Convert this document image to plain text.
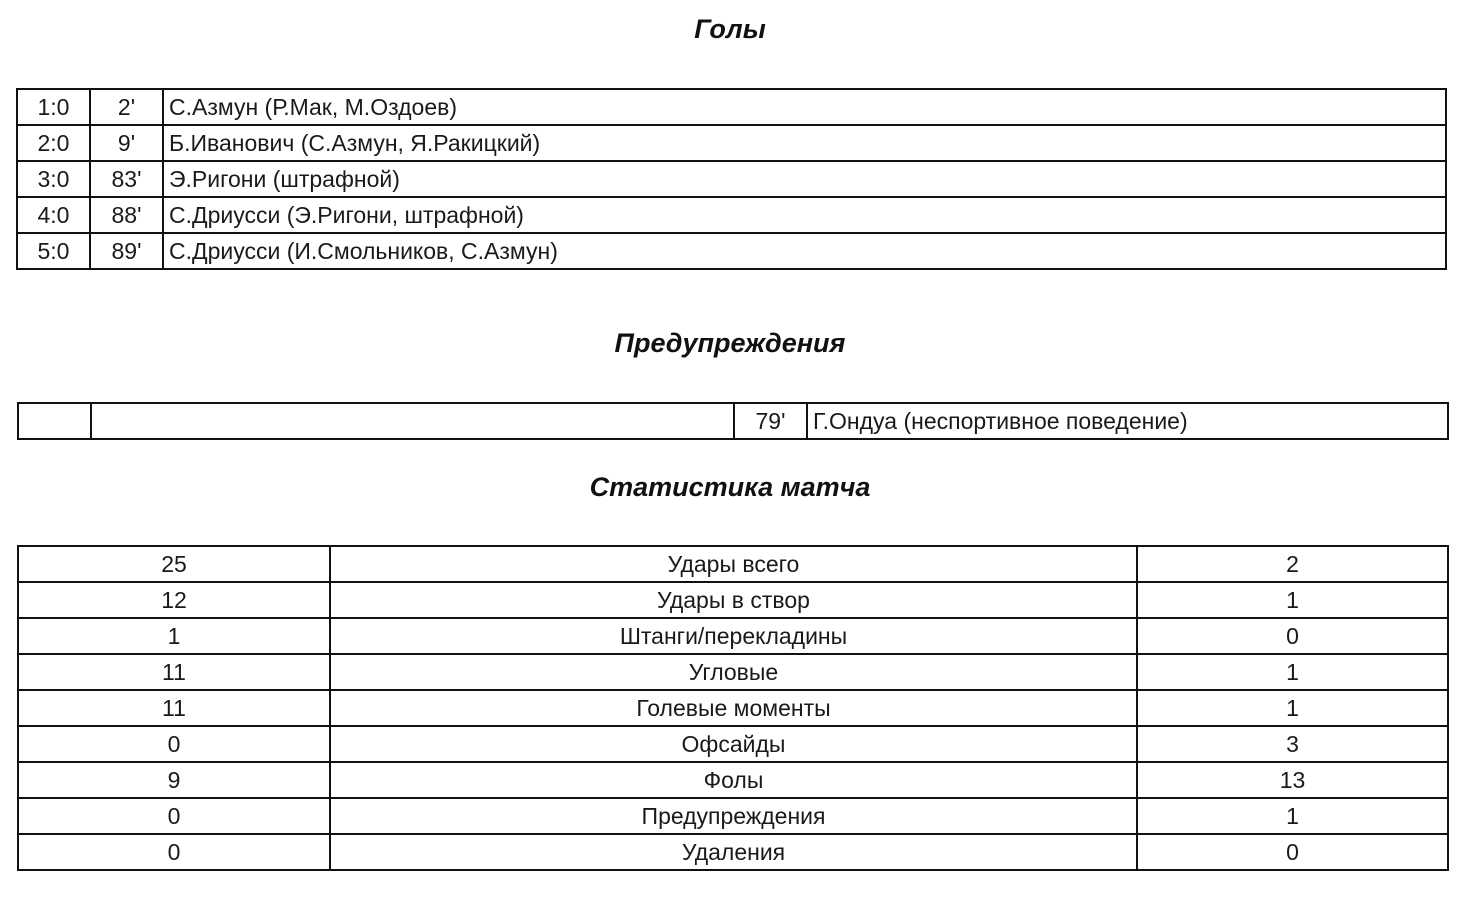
Голы
1:0	2'	С.Азмун (Р.Мак, М.Оздоев)
2:0	9'	Б.Иванович (С.Азмун, Я.Ракицкий)
3:0	83'	Э.Ригони (штрафной)
4:0	88'	С.Дриусси (Э.Ригони, штрафной)
5:0	89'	С.Дриусси (И.Смольников, С.Азмун)
Предупреждения
		79'	Г.Ондуа (неспортивное поведение)
Статистика матча
25	Удары всего	2
12	Удары в створ	1
1	Штанги/перекладины	0
11	Угловые	1
11	Голевые моменты	1
0	Офсайды	3
9	Фолы	13
0	Предупреждения	1
0	Удаления	0
